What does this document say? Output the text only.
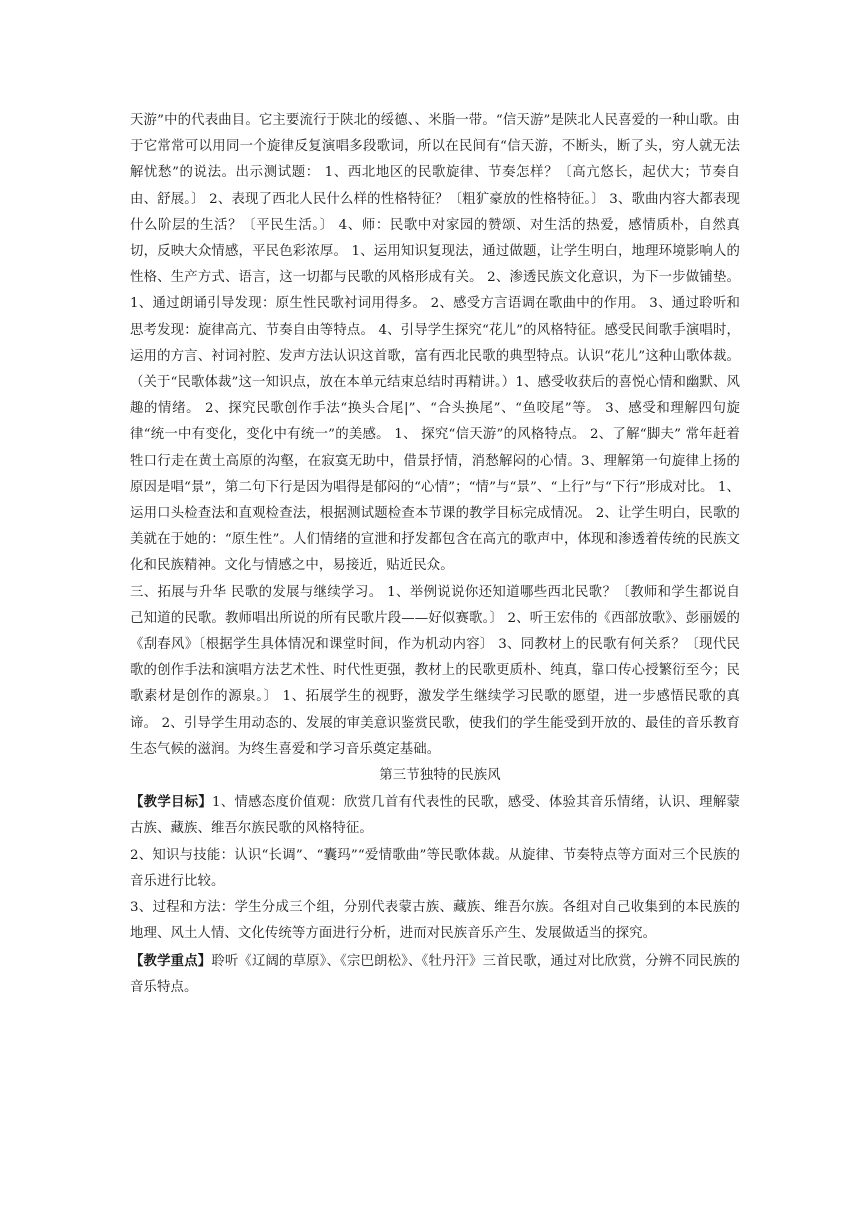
天游”中的代表曲目。它主要流行于陕北的绥德、、米脂一带。“信天游”是陕北人民喜爱的一种山歌。由于它常常可以用同一个旋律反复演唱多段歌词，所以在民间有“信天游，不断头，断了头，穷人就无法解忧愁”的说法。出示测试题： 1、西北地区的民歌旋律、节奏怎样？〔高亢悠长，起伏大；节奏自由、舒展。〕 2、表现了西北人民什么样的性格特征？〔粗犷豪放的性格特征。〕 3、歌曲内容大都表现什么阶层的生活？〔平民生活。〕 4、师：民歌中对家园的赞颂、对生活的热爱，感情质朴，自然真切，反映大众情感，平民色彩浓厚。 1、运用知识复现法，通过做题，让学生明白，地理环境影响人的性格、生产方式、语言，这一切都与民歌的风格形成有关。 2、渗透民族文化意识，为下一步做铺垫。1、通过朗诵引导发现：原生性民歌衬词用得多。 2、感受方言语调在歌曲中的作用。 3、通过聆听和思考发现：旋律高亢、节奏自由等特点。 4、引导学生探究“花儿”的风格特征。感受民间歌手演唱时，运用的方言、衬词衬腔、发声方法认识这首歌，富有西北民歌的典型特点。认识“花儿”这种山歌体裁。（关于“民歌体裁”这一知识点，放在本单元结束总结时再精讲。）1、感受收获后的喜悦心情和幽默、风趣的情绪。 2、探究民歌创作手法“换头合尾|”、“合头换尾”、“鱼咬尾”等。 3、感受和理解四句旋律“统一中有变化，变化中有统一”的美感。 1、 探究“信天游”的风格特点。 2、了解“脚夫” 常年赶着牲口行走在黄土高原的沟壑，在寂寞无助中，借景抒情，消愁解闷的心情。3、理解第一句旋律上扬的原因是唱“景”，第二句下行是因为唱得是郁闷的“心情”；“情”与“景”、“上行”与“下行”形成对比。 1、运用口头检查法和直观检查法，根据测试题检查本节课的教学目标完成情况。 2、让学生明白，民歌的美就在于她的：“原生性”。人们情绪的宣泄和抒发都包含在高亢的歌声中，体现和渗透着传统的民族文化和民族精神。文化与情感之中，易接近，贴近民众。

三、拓展与升华 民歌的发展与继续学习。 1、举例说说你还知道哪些西北民歌？〔教师和学生都说自己知道的民歌。教师唱出所说的所有民歌片段——好似赛歌。〕 2、听王宏伟的《西部放歌》、彭丽媛的《刮春风》〔根据学生具体情况和课堂时间，作为机动内容〕 3、同教材上的民歌有何关系？〔现代民歌的创作手法和演唱方法艺术性、时代性更强，教材上的民歌更质朴、纯真，靠口传心授繁衍至今；民歌素材是创作的源泉。〕 1、拓展学生的视野，激发学生继续学习民歌的愿望，进一步感悟民歌的真谛。 2、引导学生用动态的、发展的审美意识鉴赏民歌，使我们的学生能受到开放的、最佳的音乐教育生态气候的滋润。为终生喜爱和学习音乐奠定基础。

第三节独特的民族风

【教学目标】1、情感态度价值观：欣赏几首有代表性的民歌，感受、体验其音乐情绪，认识、理解蒙古族、藏族、维吾尔族民歌的风格特征。

2、知识与技能：认识“长调”、“囊玛”“爱情歌曲”等民歌体裁。从旋律、节奏特点等方面对三个民族的音乐进行比较。

3、过程和方法：学生分成三个组，分别代表蒙古族、藏族、维吾尔族。各组对自己收集到的本民族的地理、风土人情、文化传统等方面进行分析，进而对民族音乐产生、发展做适当的探究。

【教学重点】聆听《辽阔的草原》、《宗巴朗松》、《牡丹汗》三首民歌，通过对比欣赏，分辨不同民族的音乐特点。
